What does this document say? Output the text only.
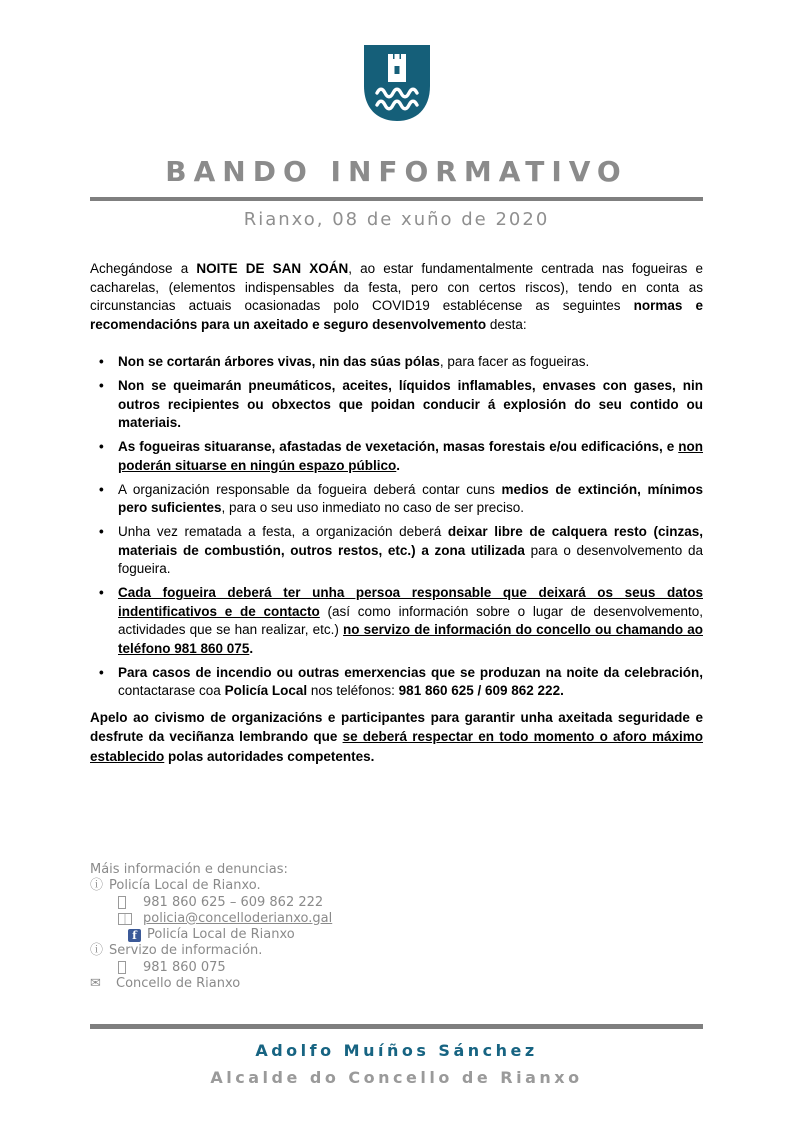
BANDO INFORMATIVO
Rianxo, 08 de xuño de 2020
Achegándose a NOITE DE SAN XOÁN, ao estar fundamentalmente centrada nas fogueiras e cacharelas, (elementos indispensables da festa, pero con certos riscos), tendo en conta as circunstancias actuais ocasionadas polo COVID19 establécense as seguintes normas e recomendacións para un axeitado e seguro desenvolvemento desta:
•	Non se cortarán árbores vivas, nin das súas pólas, para facer as fogueiras.
•	Non se queimarán pneumáticos, aceites, líquidos inflamables, envases con gases, nin outros recipientes ou obxectos que poidan conducir á explosión do seu contido ou materiais.
•	As fogueiras situaranse, afastadas de vexetación, masas forestais e/ou edificacións, e non poderán situarse en ningún espazo público.
•	A organización responsable da fogueira deberá contar cuns medios de extinción, mínimos pero suficientes, para o seu uso inmediato no caso de ser preciso.
•	Unha vez rematada a festa, a organización deberá deixar libre de calquera resto (cinzas, materiais de combustión, outros restos, etc.) a zona utilizada para o desenvolvemento da fogueira.
•	Cada fogueira deberá ter unha persoa responsable que deixará os seus datos indentificativos e de contacto (así como información sobre o lugar de desenvolvemento, actividades que se han realizar, etc.) no servizo de información do concello ou chamando ao teléfono 981 860 075.
•	Para casos de incendio ou outras emerxencias que se produzan na noite da celebración, contactarase coa Policía Local nos teléfonos: 981 860 625 / 609 862 222.
Apelo ao civismo de organizacións e participantes para garantir unha axeitada seguridade e desfrute da veciñanza lembrando que se deberá respectar en todo momento o aforo máximo establecido polas autoridades competentes.
Máis información e denuncias:
ⓘ Policía Local de Rianxo.
981 860 625 – 609 862 222
policia@concelloderianxo.gal
f Policía Local de Rianxo
ⓘ Servizo de información.
981 860 075
✉	Concello de Rianxo
Adolfo Muíños Sánchez
Alcalde do Concello de Rianxo
